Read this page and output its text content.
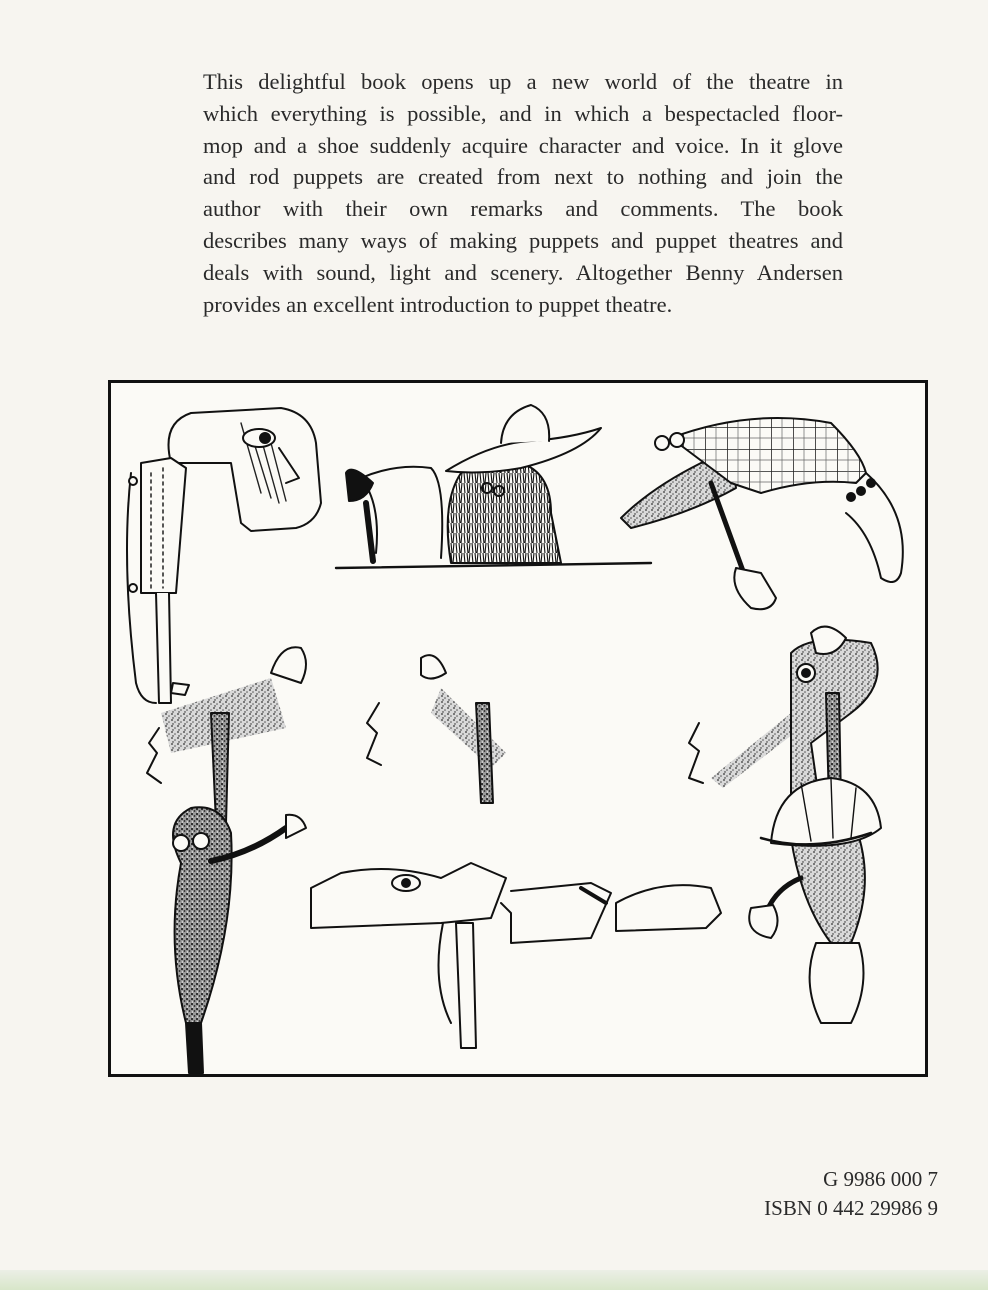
This delightful book opens up a new world of the theatre in
which everything is possible, and in which a bespectacled floor-
mop and a shoe suddenly acquire character and voice. In it glove
and rod puppets are created from next to nothing and join the
author with their own remarks and comments. The book
describes many ways of making puppets and puppet theatres and
deals with sound, light and scenery. Altogether Benny Andersen
provides an excellent introduction to puppet theatre.
G 9986 000 7
ISBN 0 442 29986 9
